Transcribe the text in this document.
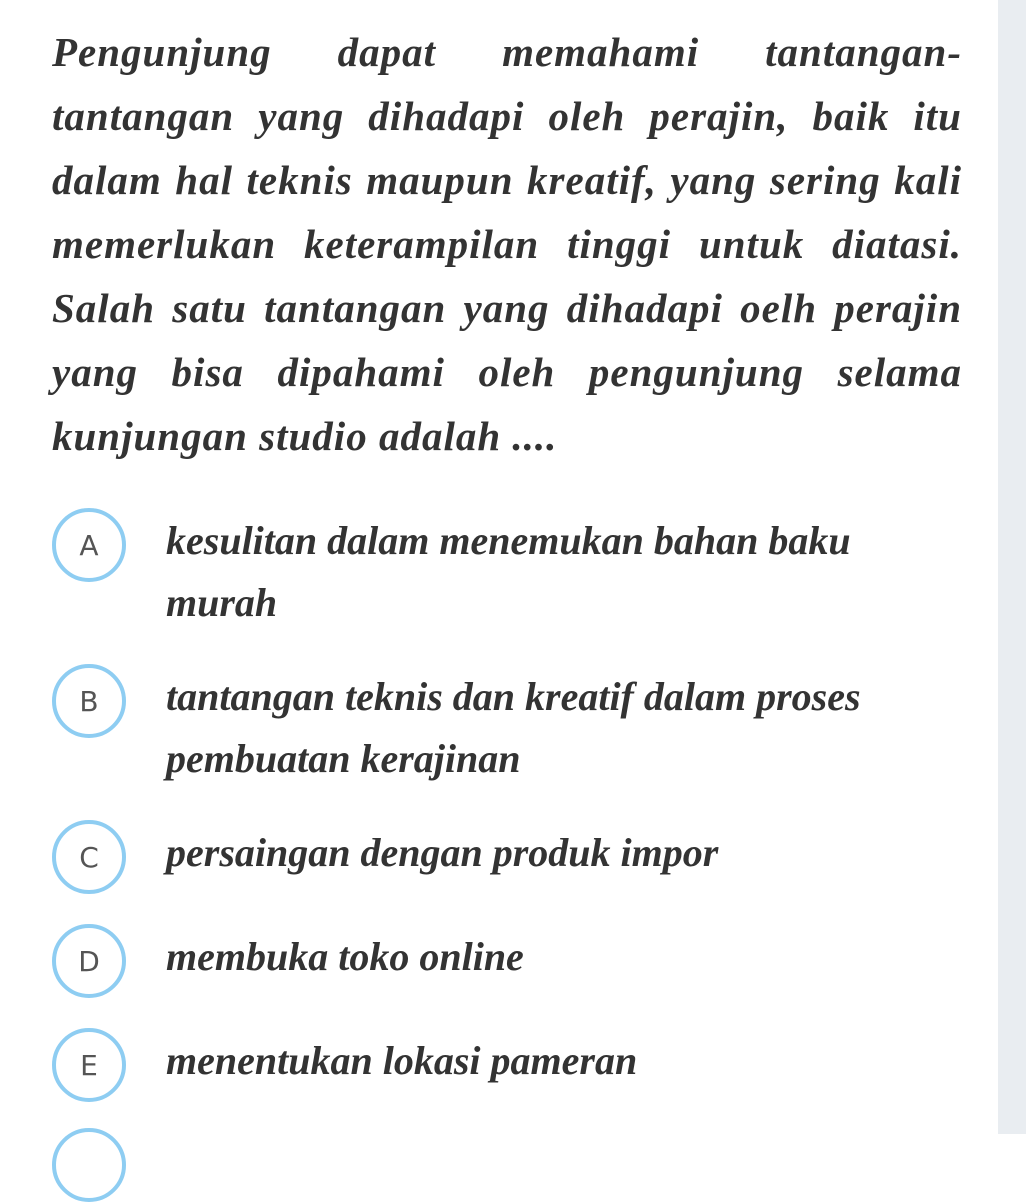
Pengunjung dapat memahami tantangan-tantangan yang dihadapi oleh perajin, baik itu dalam hal teknis maupun kreatif, yang sering kali memerlukan keterampilan tinggi untuk diatasi. Salah satu tantangan yang dihadapi oelh perajin yang bisa dipahami oleh pengunjung selama kunjungan studio adalah ....
A	kesulitan dalam menemukan bahan baku murah
B	tantangan teknis dan kreatif dalam proses pembuatan kerajinan
C	persaingan dengan produk impor
D	membuka toko online
E	menentukan lokasi pameran
